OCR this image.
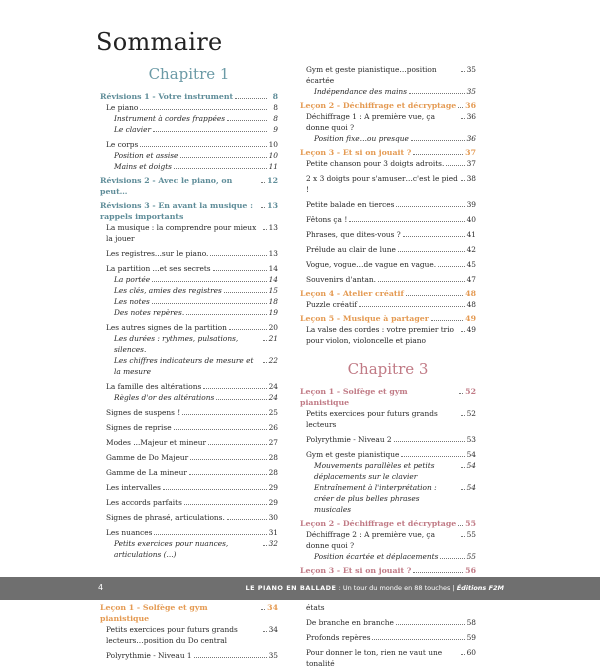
Sommaire
Chapitre 1
Révisions 1 - Votre instrument	8
Le piano	8
Instrument à cordes frappées	8
Le clavier	9
Le corps	10
Position et assise	10
Mains et doigts	11
Révisions 2 - Avec le piano, on peut…
12
Révisions 3 - En avant la musique : rappels importants
13
La musique : la comprendre pour mieux la jouer
13
Les registres...sur le piano.	13
La partition ...et ses secrets	14
La portée	14
Les clés, amies des registres	15
Les notes	18
Des notes repères.	19
Les autres signes de la partition	20
Les durées : rythmes, pulsations, silences.
21
Les chiffres indicateurs de mesure et la mesure
22
La famille des altérations	24
Règles d'or des altérations	24
Signes de suspens !	25
Signes de reprise	26
Modes ...Majeur et mineur	27
Gamme de Do Majeur	28
Gamme de La mineur	28
Les intervalles	29
Les accords parfaits	29
Signes de phrasé, articulations.	30
Les nuances	31
Petits exercices pour nuances, articulations (...)
32
Leçon 1 - Solfège et gym pianistique
34
Petits exercices pour futurs grands lecteurs…position du Do central
34
Polyrythmie - Niveau 1	35
Gym et geste pianistique…position écartée
35
Indépendance des mains	35
Leçon 2 - Déchiffrage et décryptage 36
Déchiffrage 1 : A première vue, ça donne quoi ?
36
Position fixe…ou presque	36
Leçon 3 - Et si on jouait ?	37
Petite chanson pour 3 doigts adroits.	37
2 x 3 doigts pour s'amuser…c'est le pied !
38
Petite balade en tierces	39
Fêtons ça !	40
Phrases, que dites-vous ?	41
Prélude au clair de lune	42
Vogue, vogue…de vague en vague.	45
Souvenirs d'antan.	47
Leçon 4 - Atelier créatif	48
Puzzle créatif	48
Leçon 5 - Musique à partager	49
La valse des cordes : votre premier trio pour violon, violoncelle et piano
49
Chapitre 3
Leçon 1 - Solfège et gym pianistique
52
Petits exercices pour futurs grands lecteurs
52
Polyrythmie - Niveau 2	53
Gym et geste pianistique	54
Mouvements parallèles et petits déplacements sur le clavier
54
Entraînement à l'interprétation : créer de plus belles phrases musicales
54
Leçon 2 - Déchiffrage et décryptage 55
Déchiffrage 2 : A première vue, ça donne quoi ?
55
Position écartée et déplacements	55
Leçon 3 - Et si on jouait ?	56
états
De branche en branche	58
Profonds repères	59
Pour donner le ton, rien ne vaut une tonalité
60
4	LE PIANO EN BALLADE : Un tour du monde en 88 touches | Éditions F2M
